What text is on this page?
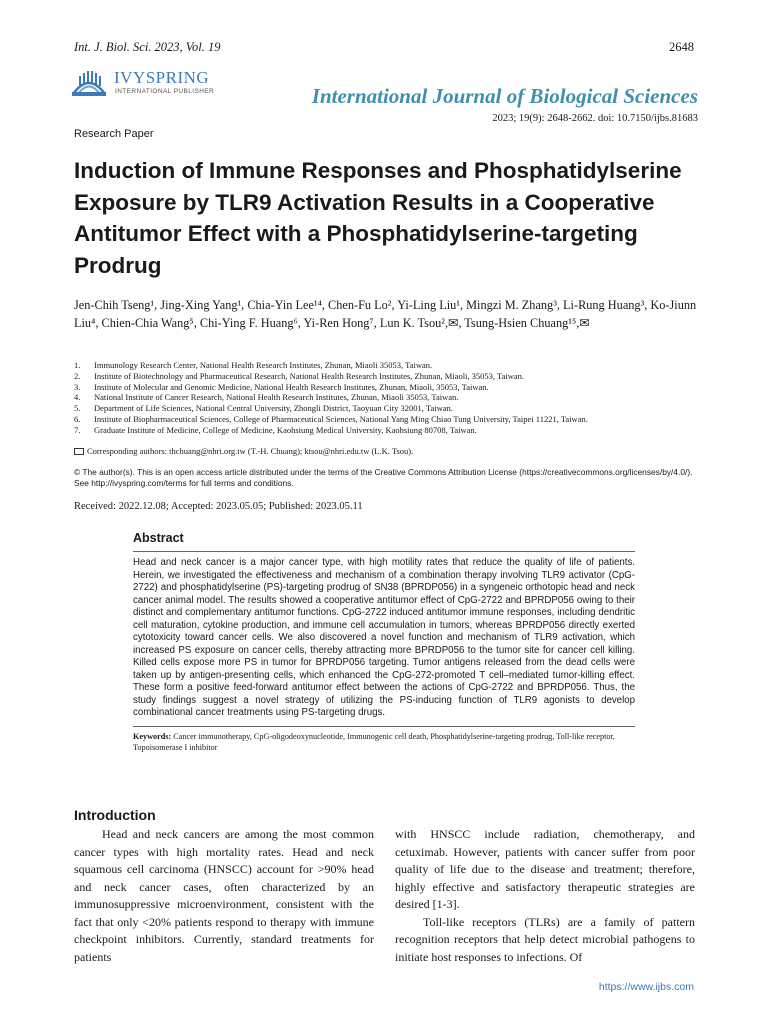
Int. J. Biol. Sci. 2023, Vol. 19	2648
IVYSPRING
INTERNATIONAL PUBLISHER	International Journal of Biological Sciences
2023; 19(9): 2648-2662. doi: 10.7150/ijbs.81683
Research Paper
Induction of Immune Responses and Phosphatidylserine Exposure by TLR9 Activation Results in a Cooperative Antitumor Effect with a Phosphatidylserine-targeting Prodrug
Jen-Chih Tseng¹, Jing-Xing Yang¹, Chia-Yin Lee¹⁴, Chen-Fu Lo², Yi-Ling Liu¹, Mingzi M. Zhang³, Li-Rung Huang³, Ko-Jiunn Liu⁴, Chien-Chia Wang⁵, Chi-Ying F. Huang⁶, Yi-Ren Hong⁷, Lun K. Tsou²,✉, Tsung-Hsien Chuang¹⁵,✉
1. Immunology Research Center, National Health Research Institutes, Zhunan, Miaoli 35053, Taiwan.
2. Institute of Biotechnology and Pharmaceutical Research, National Health Research Institutes, Zhunan, Miaoli, 35053, Taiwan.
3. Institute of Molecular and Genomic Medicine, National Health Research Institutes, Zhunan, Miaoli, 35053, Taiwan.
4. National Institute of Cancer Research, National Health Research Institutes, Zhunan, Miaoli 35053, Taiwan.
5. Department of Life Sciences, National Central University, Zhongli District, Taoyuan City 32001, Taiwan.
6. Institute of Biopharmaceutical Sciences, College of Pharmaceutical Sciences, National Yang Ming Chiao Tung University, Taipei 11221, Taiwan.
7. Graduate Institute of Medicine, College of Medicine, Kaohsiung Medical University, Kaohsiung 80708, Taiwan.
Corresponding authors: thchuang@nhri.org.tw (T.-H. Chuang); ktsou@nhri.edu.tw (L.K. Tsou).
© The author(s). This is an open access article distributed under the terms of the Creative Commons Attribution License (https://creativecommons.org/licenses/by/4.0/). See http://ivyspring.com/terms for full terms and conditions.
Received: 2022.12.08; Accepted: 2023.05.05; Published: 2023.05.11
Abstract

Head and neck cancer is a major cancer type, with high motility rates that reduce the quality of life of patients. Herein, we investigated the effectiveness and mechanism of a combination therapy involving TLR9 activator (CpG-2722) and phosphatidylserine (PS)-targeting prodrug of SN38 (BPRDP056) in a syngeneic orthotopic head and neck cancer animal model. The results showed a cooperative antitumor effect of CpG-2722 and BPRDP056 owing to their distinct and complementary antitumor functions. CpG-2722 induced antitumor immune responses, including dendritic cell maturation, cytokine production, and immune cell accumulation in tumors, whereas BPRDP056 directly exerted cytotoxicity toward cancer cells. We also discovered a novel function and mechanism of TLR9 activation, which increased PS exposure on cancer cells, thereby attracting more BPRDP056 to the tumor site for cancer cell killing. Killed cells expose more PS in tumor for BPRDP056 targeting. Tumor antigens released from the dead cells were taken up by antigen-presenting cells, which enhanced the CpG-272-promoted T cell–mediated tumor-killing effect. These form a positive feed-forward antitumor effect between the actions of CpG-2722 and BPRDP056. Thus, the study findings suggest a novel strategy of utilizing the PS-inducing function of TLR9 agonists to develop combinational cancer treatments using PS-targeting drugs.

Keywords: Cancer immunotherapy, CpG-oligodeoxynucleotide, Immunogenic cell death, Phosphatidylserine-targeting prodrug, Toll-like receptor, Topoisomerase I inhibitor

Introduction

Head and neck cancers are among the most common cancer types with high mortality rates. Head and neck squamous cell carcinoma (HNSCC) account for >90% head and neck cancer cases, often characterized by an immunosuppressive microenvironment, consistent with the fact that only <20% patients respond to therapy with immune checkpoint inhibitors. Currently, standard treatments for patients

with HNSCC include radiation, chemotherapy, and cetuximab. However, patients with cancer suffer from poor quality of life due to the disease and treatment; therefore, highly effective and satisfactory therapeutic strategies are desired [1-3].

Toll-like receptors (TLRs) are a family of pattern recognition receptors that help detect microbial pathogens to initiate host responses to infections. Of

https://www.ijbs.com
